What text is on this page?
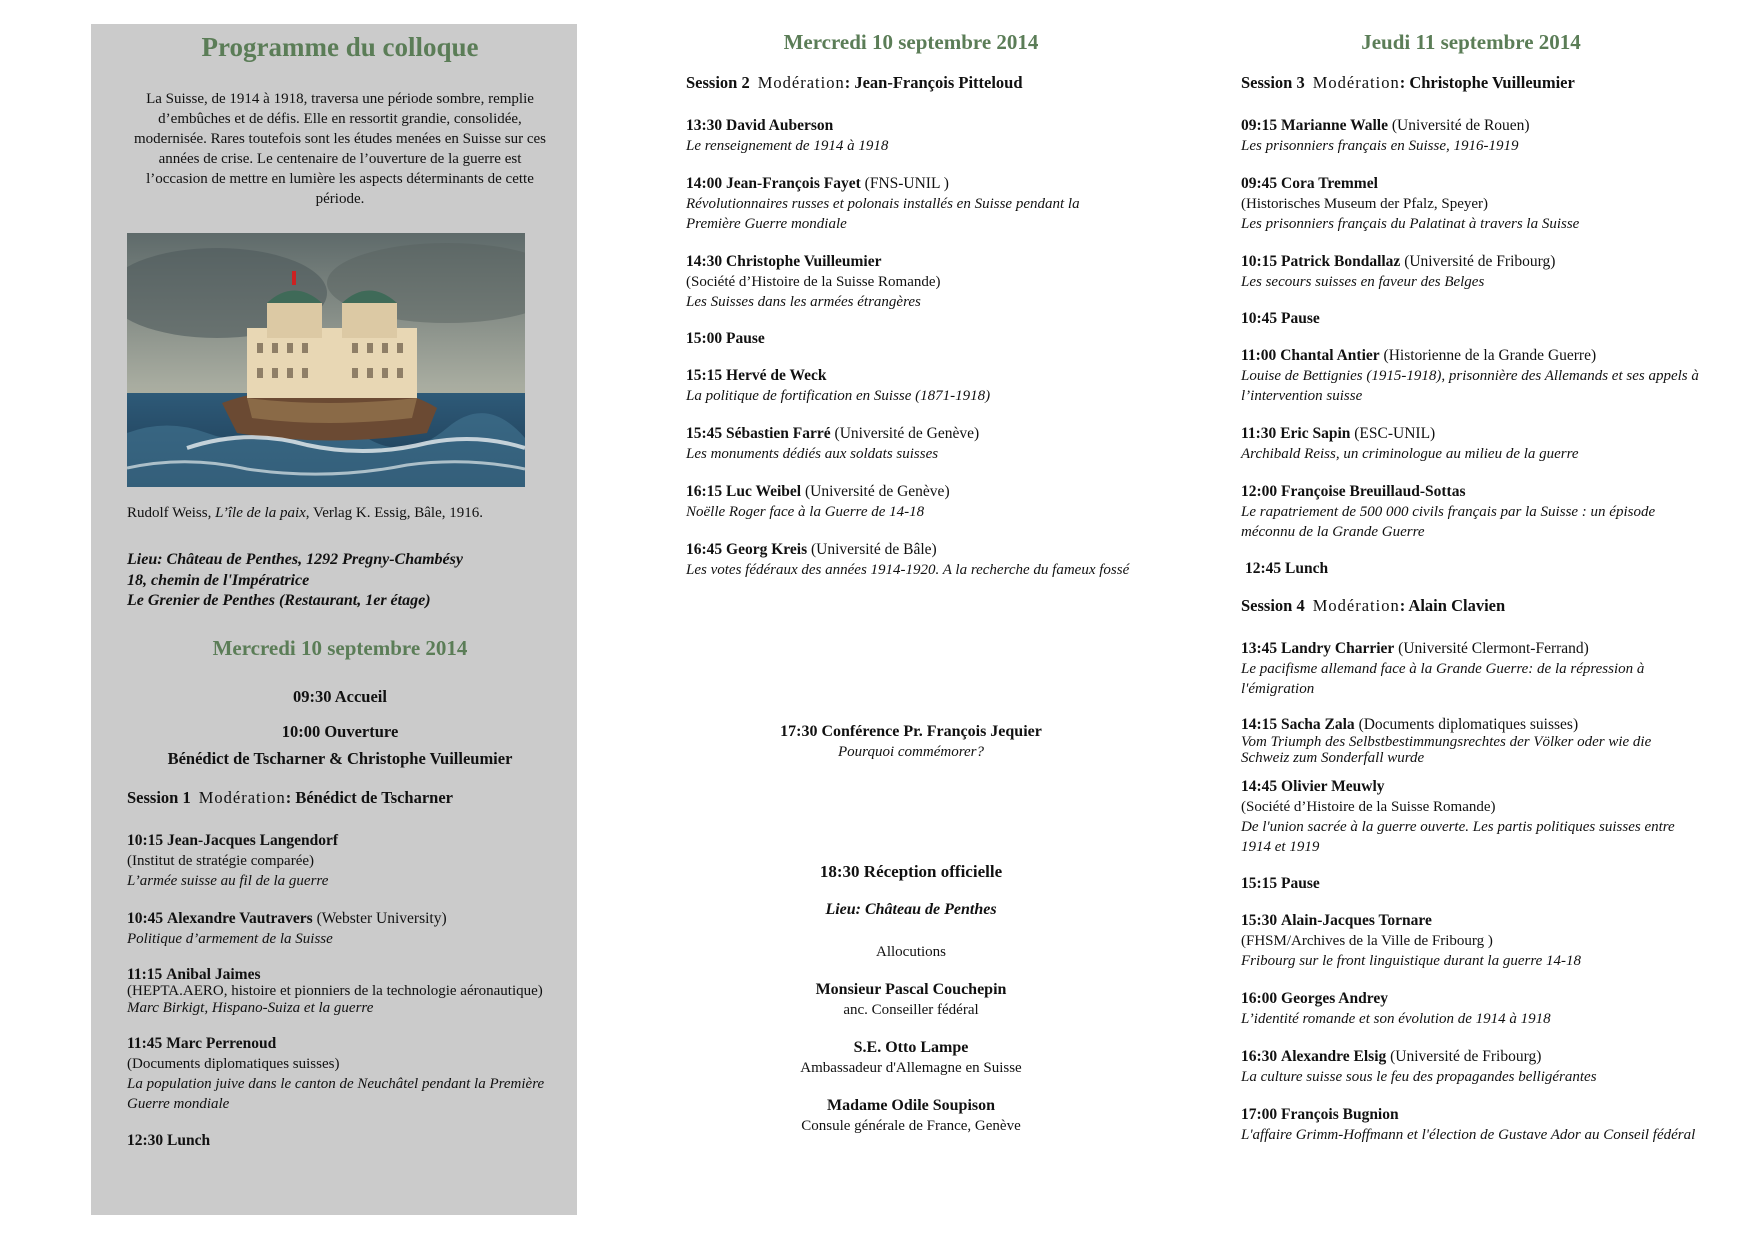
Programme du colloque
La Suisse, de 1914 à 1918, traversa une période sombre, remplie d’embûches et de défis. Elle en ressortit grandie, consolidée, modernisée. Rares toutefois sont les études menées en Suisse sur ces années de crise. Le centenaire de l’ouverture de la guerre est l’occasion de mettre en lumière les aspects déterminants de cette période.
Rudolf Weiss, L’île de la paix, Verlag K. Essig, Bâle, 1916.
Lieu: Château de Penthes, 1292 Pregny-Chambésy
18, chemin de l'Impératrice
Le Grenier de Penthes (Restaurant, 1er étage)
Mercredi 10 septembre 2014
09:30 Accueil
10:00 Ouverture
Bénédict de Tscharner & Christophe Vuilleumier
Session 1 Modération: Bénédict de Tscharner
10:15 Jean-Jacques Langendorf
(Institut de stratégie comparée)
L’armée suisse au fil de la guerre
10:45 Alexandre Vautravers (Webster University)
Politique d’armement de la Suisse
11:15 Anibal Jaimes
(HEPTA.AERO, histoire et pionniers de la technologie aéronautique)
Marc Birkigt, Hispano-Suiza et la guerre
11:45 Marc Perrenoud
(Documents diplomatiques suisses)
La population juive dans le canton de Neuchâtel pendant la Première Guerre mondiale
12:30 Lunch
Mercredi 10 septembre 2014
Session 2 Modération: Jean-François Pitteloud
13:30 David Auberson
Le renseignement de 1914 à 1918
14:00 Jean-François Fayet (FNS-UNIL )
Révolutionnaires russes et polonais installés en Suisse pendant la Première Guerre mondiale
14:30 Christophe Vuilleumier
(Société d’Histoire de la Suisse Romande)
Les Suisses dans les armées étrangères
15:00 Pause
15:15 Hervé de Weck
La politique de fortification en Suisse (1871-1918)
15:45 Sébastien Farré (Université de Genève)
Les monuments dédiés aux soldats suisses
16:15 Luc Weibel (Université de Genève)
Noëlle Roger face à la Guerre de 14-18
16:45 Georg Kreis (Université de Bâle)
Les votes fédéraux des années 1914-1920. A la recherche du fameux fossé
17:30 Conférence Pr. François Jequier
Pourquoi commémorer?
18:30 Réception officielle
Lieu: Château de Penthes
Allocutions
Monsieur Pascal Couchepin
anc. Conseiller fédéral
S.E. Otto Lampe
Ambassadeur d'Allemagne en Suisse
Madame Odile Soupison
Consule générale de France, Genève
Jeudi 11 septembre 2014
Session 3 Modération: Christophe Vuilleumier
09:15 Marianne Walle (Université de Rouen)
Les prisonniers français en Suisse, 1916-1919
09:45 Cora Tremmel
(Historisches Museum der Pfalz, Speyer)
Les prisonniers français du Palatinat à travers la Suisse
10:15 Patrick Bondallaz (Université de Fribourg)
Les secours suisses en faveur des Belges
10:45 Pause
11:00 Chantal Antier (Historienne de la Grande Guerre)
Louise de Bettignies (1915-1918), prisonnière des Allemands et ses appels à l’intervention suisse
11:30 Eric Sapin (ESC-UNIL)
Archibald Reiss, un criminologue au milieu de la guerre
12:00 Françoise Breuillaud-Sottas
Le rapatriement de 500 000 civils français par la Suisse : un épisode méconnu de la Grande Guerre
12:45 Lunch
Session 4 Modération: Alain Clavien
13:45 Landry Charrier (Université Clermont-Ferrand)
Le pacifisme allemand face à la Grande Guerre: de la répression à l'émigration
14:15 Sacha Zala (Documents diplomatiques suisses)
Vom Triumph des Selbstbestimmungsrechtes der Völker oder wie die Schweiz zum Sonderfall wurde
14:45 Olivier Meuwly
(Société d’Histoire de la Suisse Romande)
De l'union sacrée à la guerre ouverte. Les partis politiques suisses entre 1914 et 1919
15:15 Pause
15:30 Alain-Jacques Tornare
(FHSM/Archives de la Ville de Fribourg )
Fribourg sur le front linguistique durant la guerre 14-18
16:00 Georges Andrey
L’identité romande et son évolution de 1914 à 1918
16:30 Alexandre Elsig (Université de Fribourg)
La culture suisse sous le feu des propagandes belligérantes
17:00 François Bugnion
L'affaire Grimm-Hoffmann et l'élection de Gustave Ador au Conseil fédéral
